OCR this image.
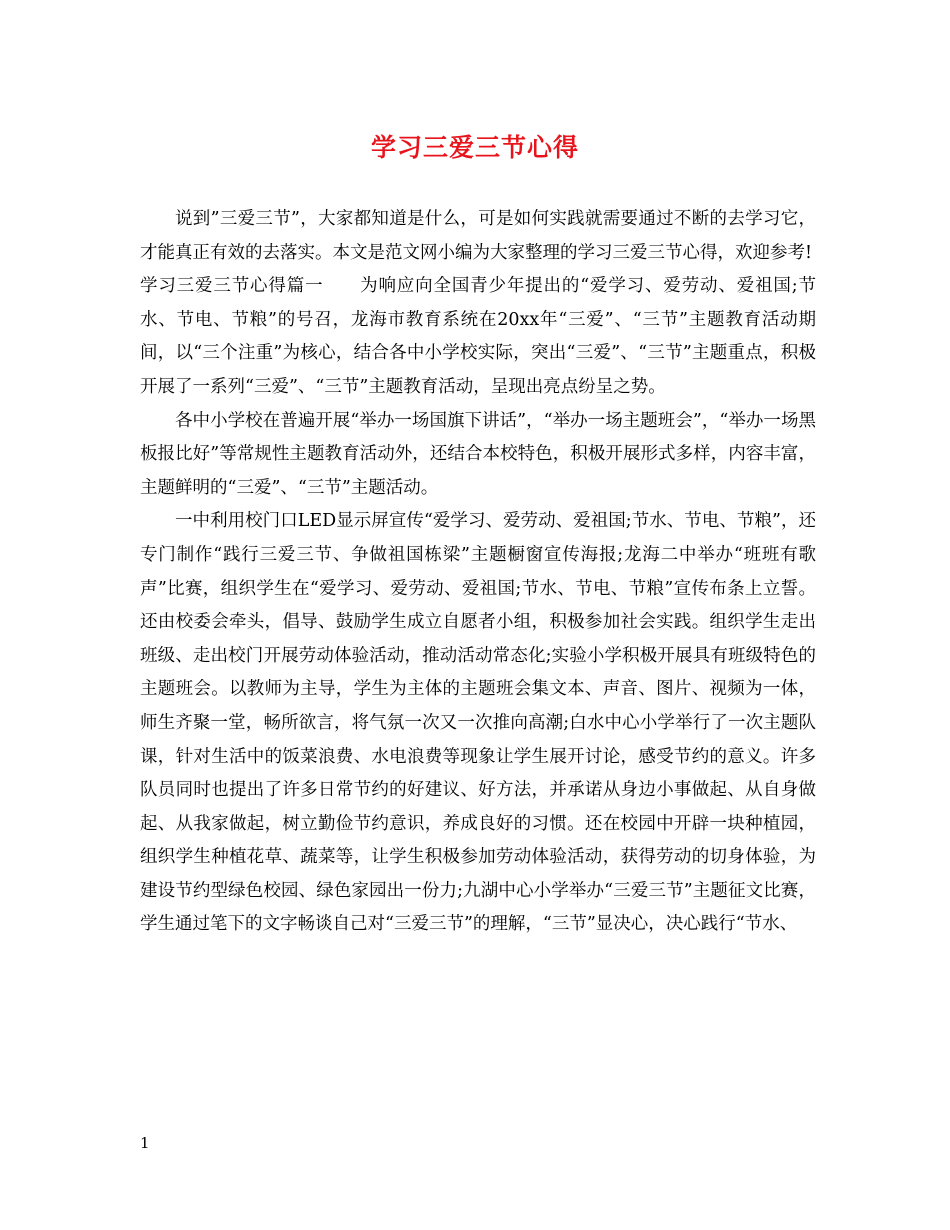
学习三爱三节心得

说到”三爱三节”，大家都知道是什么，可是如何实践就需要通过不断的去学习它，才能真正有效的去落实。本文是范文网小编为大家整理的学习三爱三节心得，欢迎参考!

学习三爱三节心得篇一　　为响应向全国青少年提出的“爱学习、爱劳动、爱祖国;节水、节电、节粮”的号召，龙海市教育系统在20xx年“三爱”、“三节”主题教育活动期间，以“三个注重”为核心，结合各中小学校实际，突出“三爱”、“三节”主题重点，积极开展了一系列“三爱”、“三节”主题教育活动，呈现出亮点纷呈之势。

各中小学校在普遍开展“举办一场国旗下讲话”，“举办一场主题班会”，“举办一场黑板报比好”等常规性主题教育活动外，还结合本校特色，积极开展形式多样，内容丰富，主题鲜明的“三爱”、“三节”主题活动。

一中利用校门口LED显示屏宣传“爱学习、爱劳动、爱祖国;节水、节电、节粮”，还专门制作“践行三爱三节、争做祖国栋梁”主题橱窗宣传海报;龙海二中举办“班班有歌声”比赛，组织学生在“爱学习、爱劳动、爱祖国;节水、节电、节粮”宣传布条上立誓。还由校委会牵头，倡导、鼓励学生成立自愿者小组，积极参加社会实践。组织学生走出班级、走出校门开展劳动体验活动，推动活动常态化;实验小学积极开展具有班级特色的主题班会。以教师为主导，学生为主体的主题班会集文本、声音、图片、视频为一体，师生齐聚一堂，畅所欲言，将气氛一次又一次推向高潮;白水中心小学举行了一次主题队课，针对生活中的饭菜浪费、水电浪费等现象让学生展开讨论，感受节约的意义。许多队员同时也提出了许多日常节约的好建议、好方法，并承诺从身边小事做起、从自身做起、从我家做起，树立勤俭节约意识，养成良好的习惯。还在校园中开辟一块种植园，组织学生种植花草、蔬菜等，让学生积极参加劳动体验活动，获得劳动的切身体验，为建设节约型绿色校园、绿色家园出一份力;九湖中心小学举办“三爱三节”主题征文比赛，学生通过笔下的文字畅谈自己对“三爱三节”的理解，“三节”显决心，决心践行“节水、

1
